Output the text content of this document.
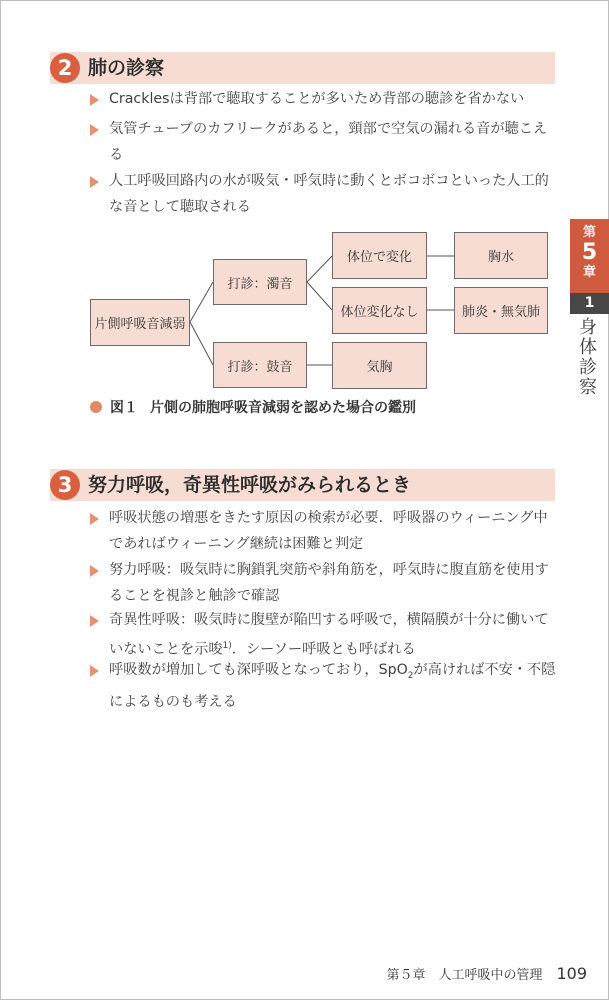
2 肺の診察
Cracklesは背部で聴取することが多いため背部の聴診を省かない
気管チューブのカフリークがあると，頸部で空気の漏れる音が聴こえる
人工呼吸回路内の水が吸気・呼気時に動くとボコボコといった人工的な音として聴取される
片側呼吸音減弱
打診：濁音
打診：鼓音
体位で変化
体位変化なし
気胸
胸水
肺炎・無気肺
図１ 片側の肺胞呼吸音減弱を認めた場合の鑑別
3 努力呼吸，奇異性呼吸がみられるとき
呼吸状態の増悪をきたす原因の検索が必要．呼吸器のウィーニング中であればウィーニング継続は困難と判定
努力呼吸：吸気時に胸鎖乳突筋や斜角筋を，呼気時に腹直筋を使用することを視診と触診で確認
奇異性呼吸：吸気時に腹壁が陥凹する呼吸で，横隔膜が十分に働いていないことを示唆$^{1)}$．シーソー呼吸とも呼ばれる
呼吸数が増加しても深呼吸となっており，SpO$_2$が高ければ不安・不隠によるものも考える
第
5
章
1
身体診察
第５章　人工呼吸中の管理 109
